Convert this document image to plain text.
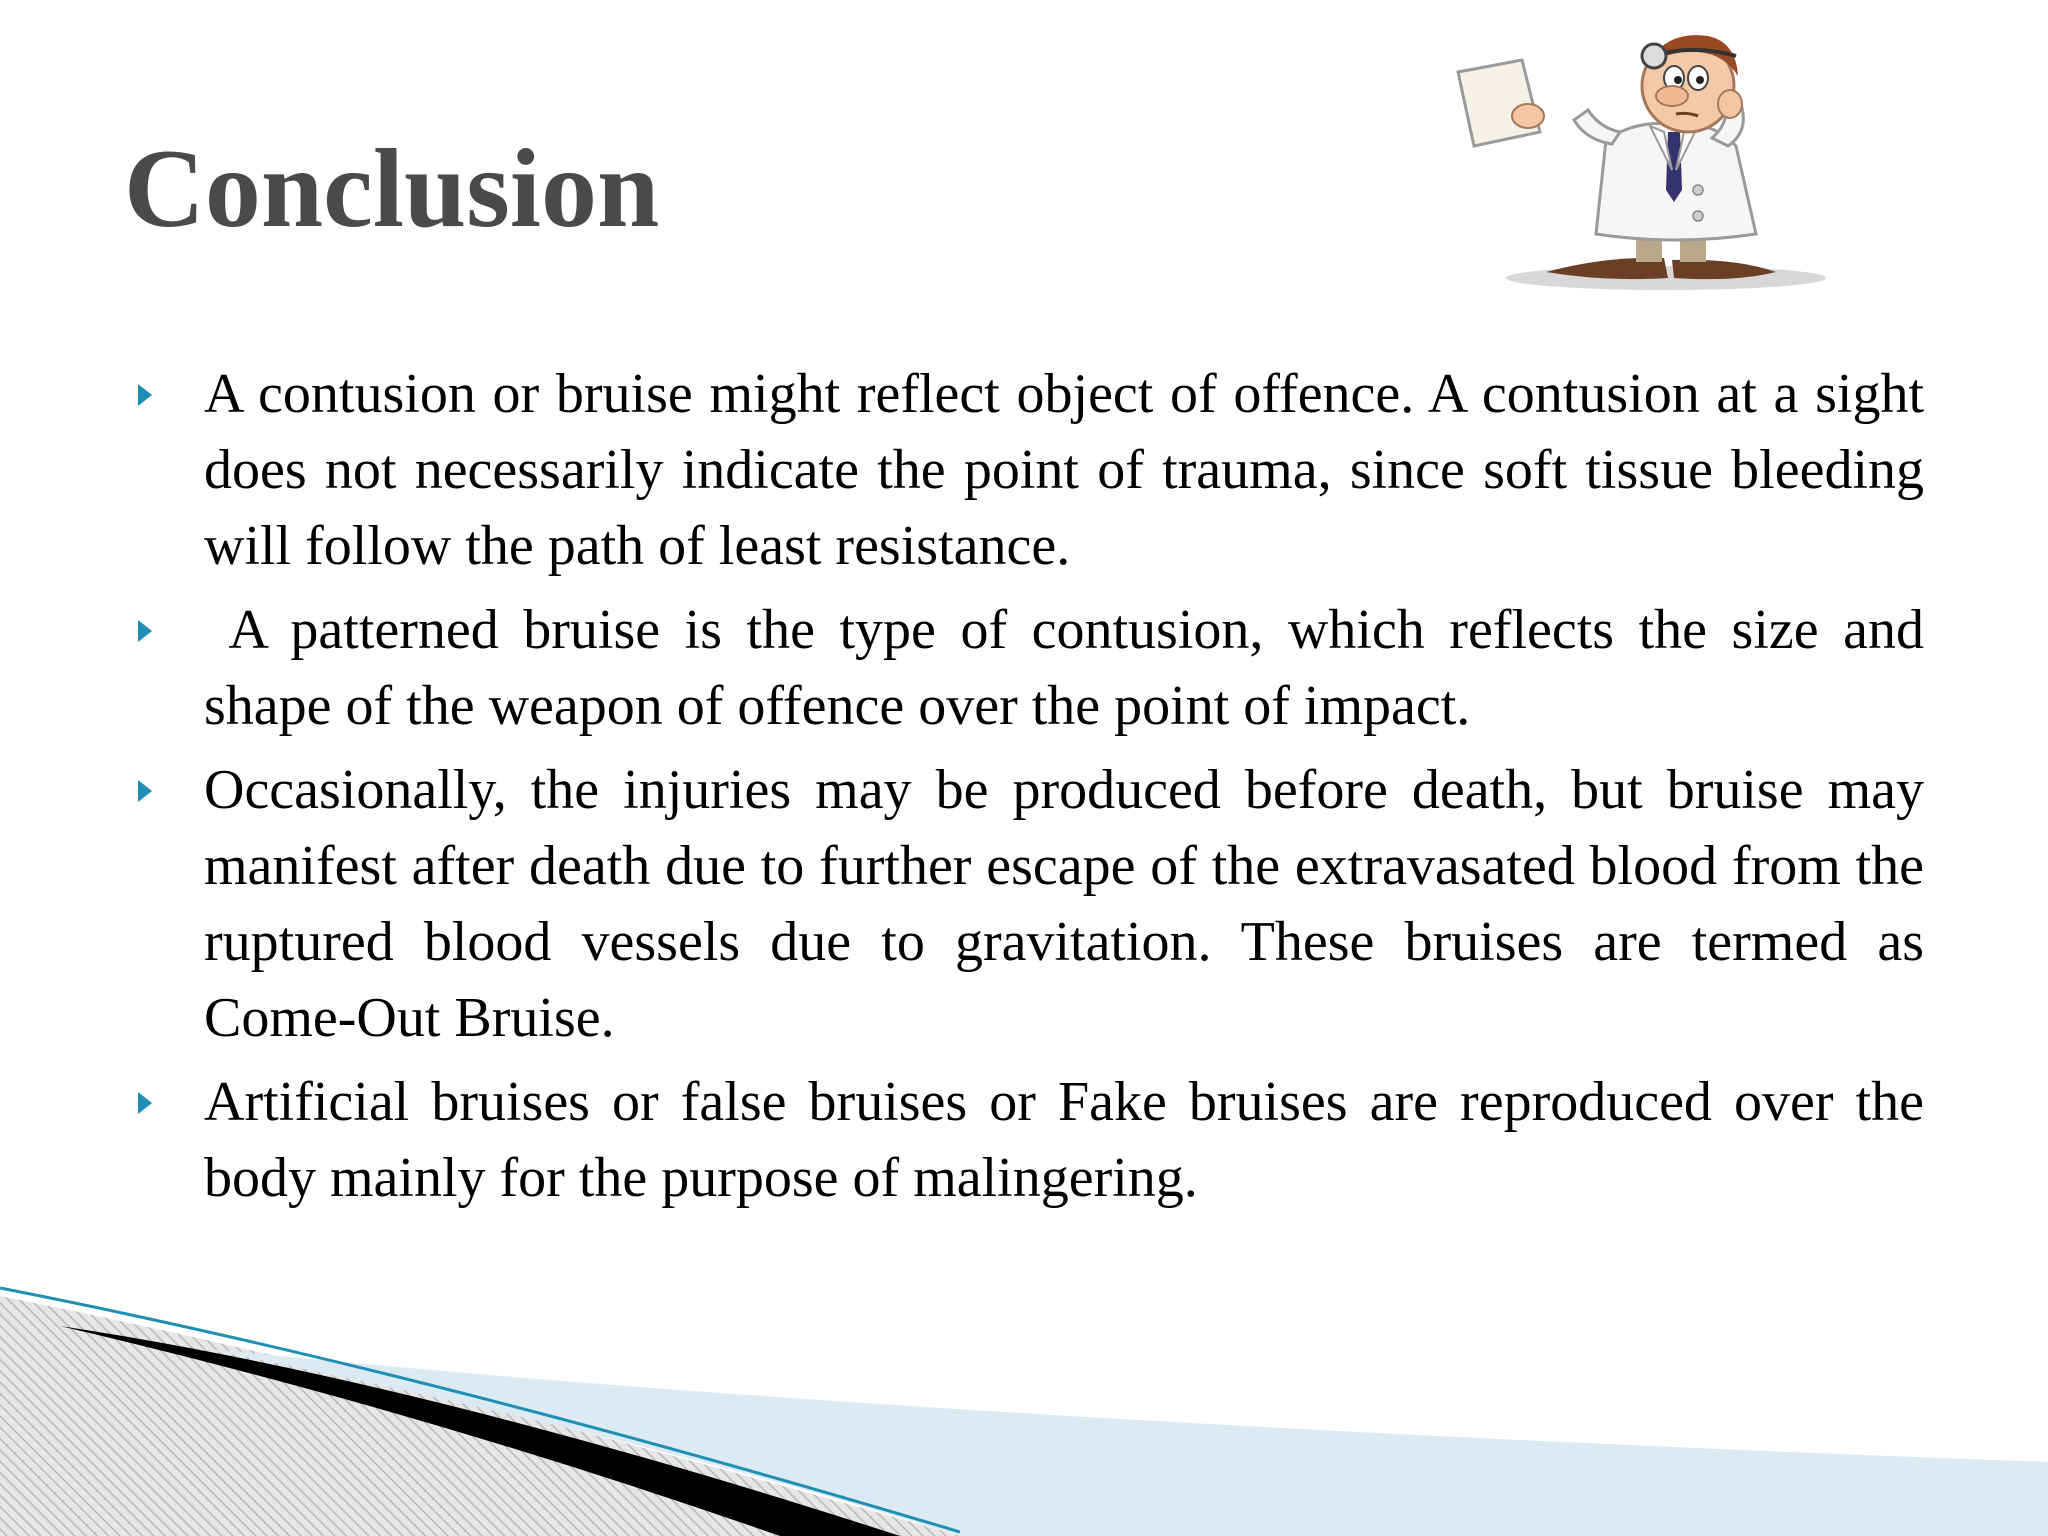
Conclusion
A contusion or bruise might reflect object of offence. A contusion at a sight does not necessarily indicate the point of trauma, since soft tissue bleeding will follow the path of least resistance.
A patterned bruise is the type of contusion, which reflects the size and shape of the weapon of offence over the point of impact.
Occasionally, the injuries may be produced before death, but bruise may manifest after death due to further escape of the extravasated blood from the ruptured blood vessels due to gravitation. These bruises are termed as Come-Out Bruise.
Artificial bruises or false bruises or Fake bruises are reproduced over the body mainly for the purpose of malingering.
